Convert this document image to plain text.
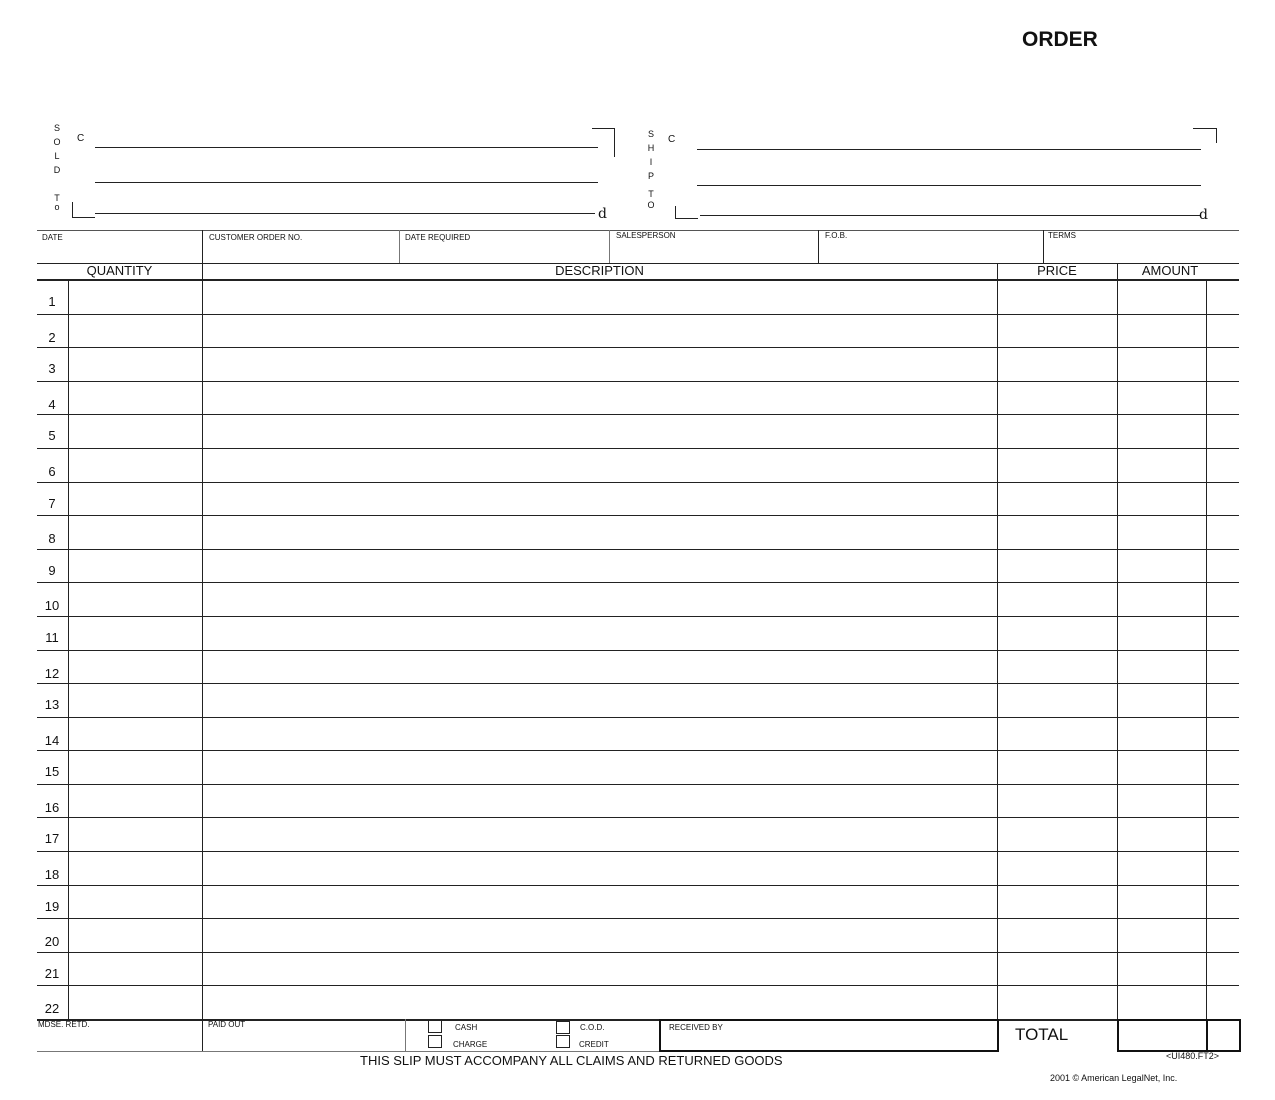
ORDER
S
O
L
D
T
o
C
d
S
H
I
P
T
O
C
d
DATE	CUSTOMER ORDER NO.	DATE REQUIRED	SALESPERSON	F.O.B.	TERMS
QUANTITY	DESCRIPTION	PRICE	AMOUNT
1
2
3
4
5
6
7
8
9
10
11
12
13
14
15
16
17
18
19
20
21
22
MDSE. RETD.	PAID OUT	CASH	C.O.D.
CHARGE	CREDIT
RECEIVED BY	TOTAL
<UI480.FT2>
THIS SLIP MUST ACCOMPANY ALL CLAIMS AND RETURNED GOODS
2001 © American LegalNet, Inc.
